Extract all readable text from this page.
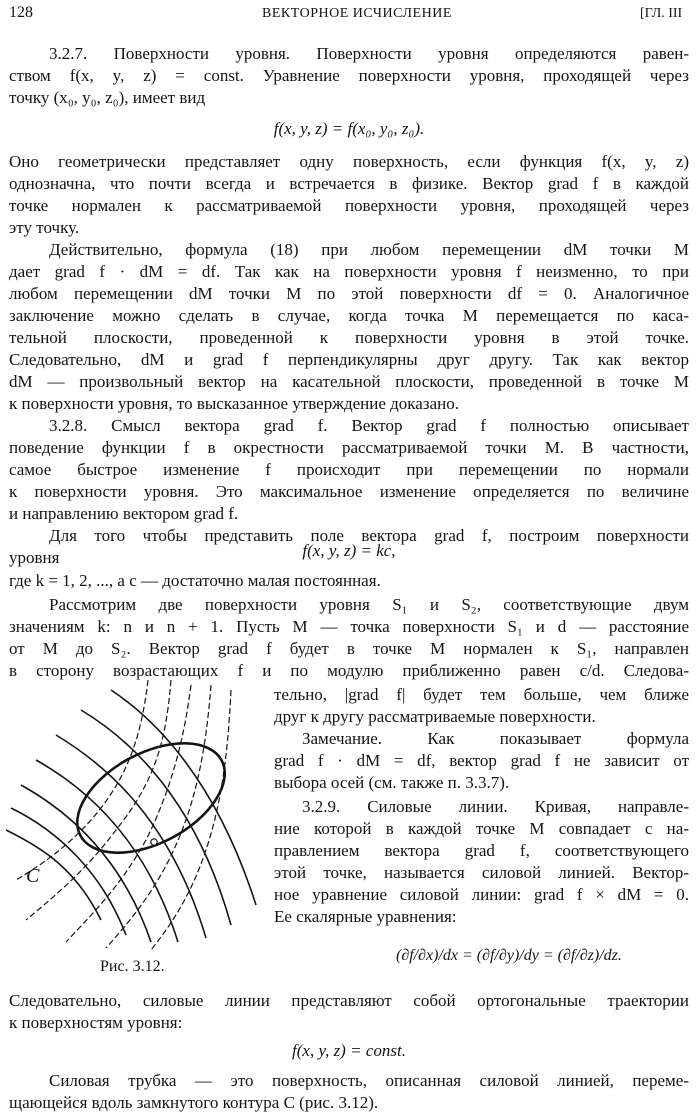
128	ВЕКТОРНОЕ ИСЧИСЛЕНИЕ	[ГЛ. III
3.2.7. Поверхности уровня. Поверхности уровня определяются равен-
ством f(x, y, z) = const. Уравнение поверхности уровня, проходящей через
точку (x₀, y₀, z₀), имеет вид
f(x, y, z) = f(x₀, y₀, z₀).
Оно геометрически представляет одну поверхность, если функция f(x, y, z)
однозначна, что почти всегда и встречается в физике. Вектор grad f в каждой
точке нормален к рассматриваемой поверхности уровня, проходящей через
эту точку.
Действительно, формула (18) при любом перемещении dM точки M
дает grad f · dM = df. Так как на поверхности уровня f неизменно, то при
любом перемещении dM точки M по этой поверхности df = 0. Аналогичное
заключение можно сделать в случае, когда точка M перемещается по каса-
тельной плоскости, проведенной к поверхности уровня в этой точке.
Следовательно, dM и grad f перпендикулярны друг другу. Так как вектор
dM — произвольный вектор на касательной плоскости, проведенной в точке M
к поверхности уровня, то высказанное утверждение доказано.
3.2.8. Смысл вектора grad f. Вектор grad f полностью описывает
поведение функции f в окрестности рассматриваемой точки M. В частности,
самое быстрое изменение f происходит при перемещении по нормали
к поверхности уровня. Это максимальное изменение определяется по величине
и направлению вектором grad f.
Для того чтобы представить поле вектора grad f, построим поверхности
уровня	f(x, y, z) = kc,
где k = 1, 2, ..., а c — достаточно малая постоянная.
Рассмотрим две поверхности уровня S₁ и S₂, соответствующие двум
значениям k: n и n + 1. Пусть M — точка поверхности S₁ и d — расстояние
от M до S₂. Вектор grad f будет в точке M нормален к S₁, направлен
в сторону возрастающих f и по модулю приближенно равен c/d. Следова-
тельно, |grad f| будет тем больше, чем ближе
друг к другу рассматриваемые поверхности.
Замечание. Как показывает формула
grad f · dM = df, вектор grad f не зависит от
выбора осей (см. также п. 3.3.7).
3.2.9. Силовые линии. Кривая, направле-
ние которой в каждой точке M совпадает с на-
правлением вектора grad f, соответствующего
этой точке, называется силовой линией. Вектор-
ное уравнение силовой линии: grad f × dM = 0.
Ее скалярные уравнения:
(∂f/∂x)/dx = (∂f/∂y)/dy = (∂f/∂z)/dz.
Следовательно, силовые линии представляют собой ортогональные траектории
к поверхностям уровня:
f(x, y, z) = const.
Силовая трубка — это поверхность, описанная силовой линией, переме-
щающейся вдоль замкнутого контура C (рис. 3.12).
C
Рис. 3.12.
